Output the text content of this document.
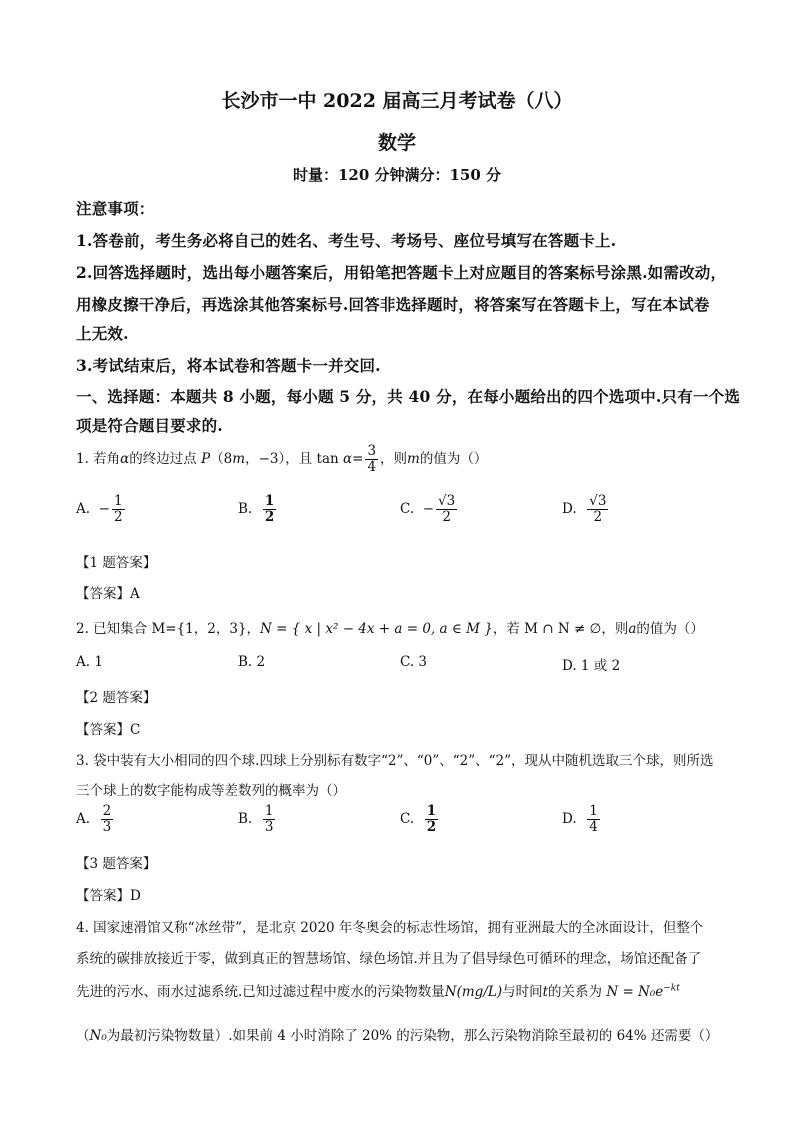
长沙市一中 2022 届高三月考试卷（八）
数学
时量：120 分钟满分：150 分
注意事项：
1.答卷前，考生务必将自己的姓名、考生号、考场号、座位号填写在答题卡上.
2.回答选择题时，选出每小题答案后，用铅笔把答题卡上对应题目的答案标号涂黑.如需改动，
用橡皮擦干净后，再选涂其他答案标号.回答非选择题时，将答案写在答题卡上，写在本试卷
上无效.
3.考试结束后，将本试卷和答题卡一并交回.
一、选择题：本题共 8 小题，每小题 5 分，共 40 分，在每小题给出的四个选项中.只有一个选
项是符合题目要求的.
1. 若角α的终边过点 P（8m，−3），且 $\tan \alpha= \frac{3}{4}$ ，则m的值为（）
A. − $\frac{1}{2}$	B. $\frac{1}{2}$	C. − $\frac{√3}{2}$	D. $\frac{√3}{2}$
【1 题答案】
【答案】A
2. 已知集合 M={1，2，3}，N = { x | x² − 4x + a = 0, a ∈ M }，若 M ∩ N ≠ ∅，则a的值为（）
A. 1	B. 2	C. 3	D. 1 或 2
【2 题答案】
【答案】C
3. 袋中装有大小相同的四个球.四球上分别标有数字“2”、“0”、“2”、“2”，现从中随机选取三个球，则所选
三个球上的数字能构成等差数列的概率为（）
A. $\frac{2}{3}$	B. $\frac{1}{3}$	C. $\frac{1}{2}$	D. $\frac{1}{4}$
【3 题答案】
【答案】D
4. 国家速滑馆又称“冰丝带”，是北京 2020 年冬奥会的标志性场馆，拥有亚洲最大的全冰面设计，但整个
系统的碳排放接近于零，做到真正的智慧场馆、绿色场馆.并且为了倡导绿色可循环的理念，场馆还配备了
先进的污水、雨水过滤系统.已知过滤过程中废水的污染物数量N(mg/L)与时间t的关系为 $N = N_0e^{-kt}$
（N₀为最初污染物数量）.如果前 4 小时消除了 20% 的污染物，那么污染物消除至最初的 64% 还需要（）
